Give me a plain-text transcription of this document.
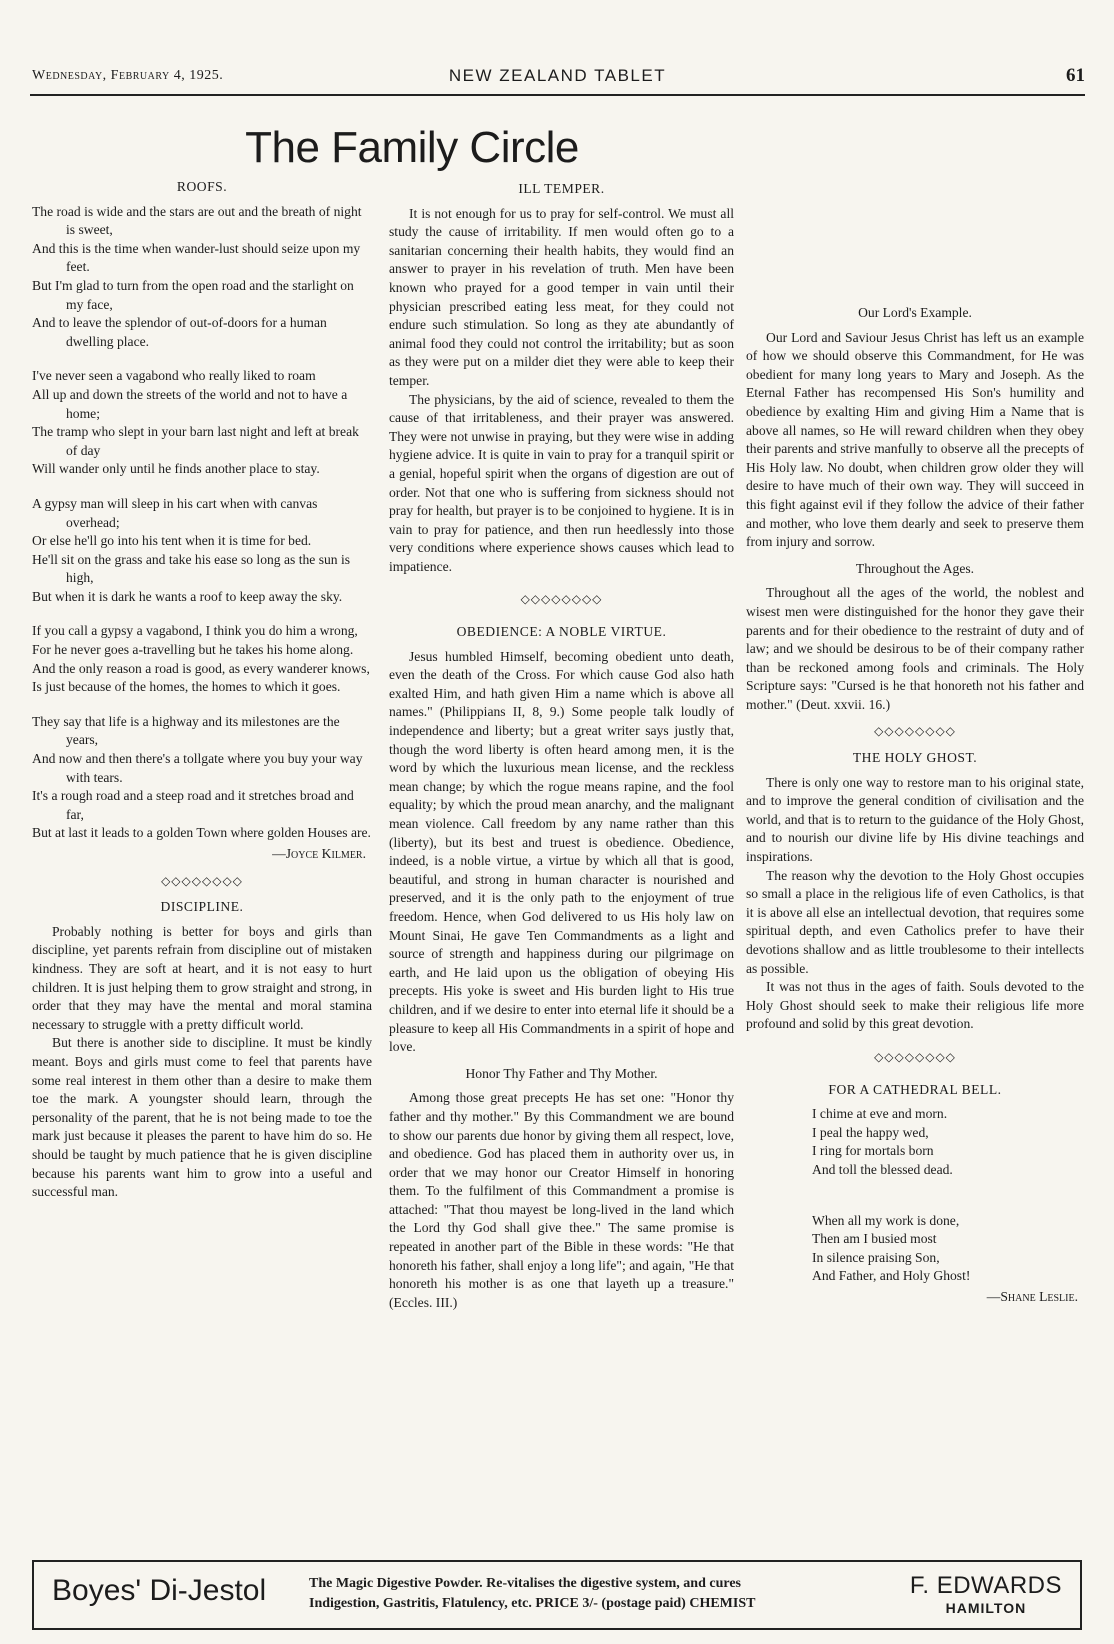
Wednesday, February 4, 1925.	NEW ZEALAND TABLET	61
The Family Circle
ROOFS.

The road is wide and the stars are out and the breath of night is sweet,

And this is the time when wander-lust should seize upon my feet.

But I'm glad to turn from the open road and the starlight on my face,

And to leave the splendor of out-of-doors for a human dwelling place.

I've never seen a vagabond who really liked to roam

All up and down the streets of the world and not to have a home;

The tramp who slept in your barn last night and left at break of day

Will wander only until he finds another place to stay.

A gypsy man will sleep in his cart when with canvas overhead;

Or else he'll go into his tent when it is time for bed.

He'll sit on the grass and take his ease so long as the sun is high,

But when it is dark he wants a roof to keep away the sky.

If you call a gypsy a vagabond, I think you do him a wrong,

For he never goes a-travelling but he takes his home along.

And the only reason a road is good, as every wanderer knows,

Is just because of the homes, the homes to which it goes.

They say that life is a highway and its milestones are the years,

And now and then there's a tollgate where you buy your way with tears.

It's a rough road and a steep road and it stretches broad and far,

But at last it leads to a golden Town where golden Houses are.

—Joyce Kilmer.
◇◇◇◇◇◇◇◇
DISCIPLINE.

Probably nothing is better for boys and girls than discipline, yet parents refrain from discipline out of mistaken kindness. They are soft at heart, and it is not easy to hurt children. It is just helping them to grow straight and strong, in order that they may have the mental and moral stamina necessary to struggle with a pretty difficult world.

But there is another side to discipline. It must be kindly meant. Boys and girls must come to feel that parents have some real interest in them other than a desire to make them toe the mark. A youngster should learn, through the personality of the parent, that he is not being made to toe the mark just because it pleases the parent to have him do so. He should be taught by much patience that he is given discipline because his parents want him to grow into a useful and successful man.

ILL TEMPER.

It is not enough for us to pray for self-control. We must all study the cause of irritability. If men would often go to a sanitarian concerning their health habits, they would find an answer to prayer in his revelation of truth. Men have been known who prayed for a good temper in vain until their physician prescribed eating less meat, for they could not endure such stimulation. So long as they ate abundantly of animal food they could not control the irritability; but as soon as they were put on a milder diet they were able to keep their temper.

The physicians, by the aid of science, revealed to them the cause of that irritableness, and their prayer was answered. They were not unwise in praying, but they were wise in adding hygiene advice. It is quite in vain to pray for a tranquil spirit or a genial, hopeful spirit when the organs of digestion are out of order. Not that one who is suffering from sickness should not pray for health, but prayer is to be conjoined to hygiene. It is in vain to pray for patience, and then run heedlessly into those very conditions where experience shows causes which lead to impatience.

◇◇◇◇◇◇◇◇
OBEDIENCE: A NOBLE VIRTUE.

Jesus humbled Himself, becoming obedient unto death, even the death of the Cross. For which cause God also hath exalted Him, and hath given Him a name which is above all names." (Philippians II, 8, 9.) Some people talk loudly of independence and liberty; but a great writer says justly that, though the word liberty is often heard among men, it is the word by which the luxurious mean license, and the reckless mean change; by which the rogue means rapine, and the fool equality; by which the proud mean anarchy, and the malignant mean violence. Call freedom by any name rather than this (liberty), but its best and truest is obedience. Obedience, indeed, is a noble virtue, a virtue by which all that is good, beautiful, and strong in human character is nourished and preserved, and it is the only path to the enjoyment of true freedom. Hence, when God delivered to us His holy law on Mount Sinai, He gave Ten Commandments as a light and source of strength and happiness during our pilgrimage on earth, and He laid upon us the obligation of obeying His precepts. His yoke is sweet and His burden light to His true children, and if we desire to enter into eternal life it should be a pleasure to keep all His Commandments in a spirit of hope and love.

Honor Thy Father and Thy Mother.

Among those great precepts He has set one: "Honor thy father and thy mother." By this Commandment we are bound to show our parents due honor by giving them all respect, love, and obedience. God has placed them in authority over us, in order that we may honor our Creator Himself in honoring them. To the fulfilment of this Commandment a promise is attached: "That thou mayest be long-lived in the land which the Lord thy God shall give thee." The same promise is repeated in another part of the Bible in these words: "He that honoreth his father, shall enjoy a long life"; and again, "He that honoreth his mother is as one that layeth up a treasure." (Eccles. III.)

Our Lord's Example.

Our Lord and Saviour Jesus Christ has left us an example of how we should observe this Commandment, for He was obedient for many long years to Mary and Joseph. As the Eternal Father has recompensed His Son's humility and obedience by exalting Him and giving Him a Name that is above all names, so He will reward children when they obey their parents and strive manfully to observe all the precepts of His Holy law. No doubt, when children grow older they will desire to have much of their own way. They will succeed in this fight against evil if they follow the advice of their father and mother, who love them dearly and seek to preserve them from injury and sorrow.

Throughout the Ages.

Throughout all the ages of the world, the noblest and wisest men were distinguished for the honor they gave their parents and for their obedience to the restraint of duty and of law; and we should be desirous to be of their company rather than be reckoned among fools and criminals. The Holy Scripture says: "Cursed is he that honoreth not his father and mother." (Deut. xxvii. 16.)

◇◇◇◇◇◇◇◇
THE HOLY GHOST.

There is only one way to restore man to his original state, and to improve the general condition of civilisation and the world, and that is to return to the guidance of the Holy Ghost, and to nourish our divine life by His divine teachings and inspirations.

The reason why the devotion to the Holy Ghost occupies so small a place in the religious life of even Catholics, is that it is above all else an intellectual devotion, that requires some spiritual depth, and even Catholics prefer to have their devotions shallow and as little troublesome to their intellects as possible.

It was not thus in the ages of faith. Souls devoted to the Holy Ghost should seek to make their religious life more profound and solid by this great devotion.

◇◇◇◇◇◇◇◇
FOR A CATHEDRAL BELL.
I chime at eve and morn.
I peal the happy wed,
I ring for mortals born
And toll the blessed dead.
When all my work is done,
Then am I busied most
In silence praising Son,
And Father, and Holy Ghost!
—Shane Leslie.
Boyes' Di-Jestol	The Magic Digestive Powder. Re-vitalises the digestive system, and cures
Indigestion, Gastritis, Flatulency, etc. PRICE 3/- (postage paid) CHEMIST
F. EDWARDS
HAMILTON
